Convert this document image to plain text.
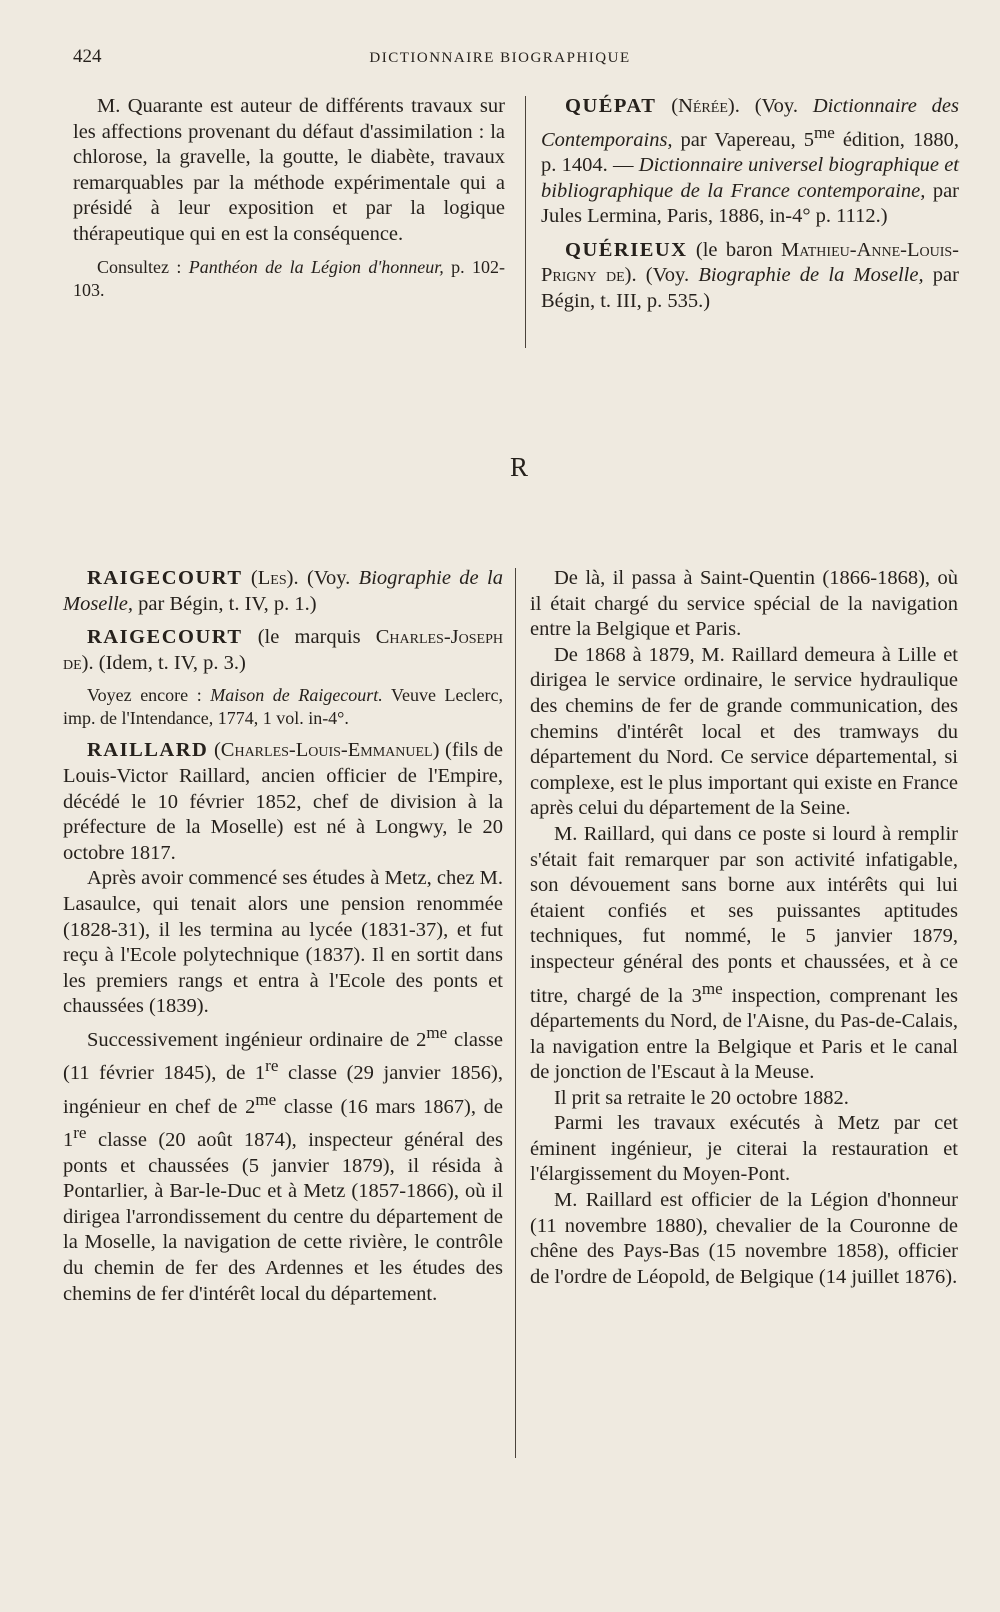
424	DICTIONNAIRE BIOGRAPHIQUE

M. Quarante est auteur de différents travaux sur les affections provenant du défaut d'assimilation : la chlorose, la gravelle, la goutte, le diabète, travaux remarquables par la méthode expérimentale qui a présidé à leur exposition et par la logique thérapeutique qui en est la conséquence.

Consultez : Panthéon de la Légion d'honneur, p. 102-103.

QUÉPAT (Nérée). (Voy. Dictionnaire des Contemporains, par Vapereau, $5^{me}$ édition, 1880, p. 1404. — Dictionnaire universel biographique et bibliographique de la France contemporaine, par Jules Lermina, Paris, 1886, in-4° p. 1112.)

QUÉRIEUX (le baron Mathieu-Anne-Louis-Prigny de). (Voy. Biographie de la Moselle, par Bégin, t. III, p. 535.)

R

RAIGECOURT (Les). (Voy. Biographie de la Moselle, par Bégin, t. IV, p. 1.)

RAIGECOURT (le marquis Charles-Joseph de). (Idem, t. IV, p. 3.)

Voyez encore : Maison de Raigecourt. Veuve Leclerc, imp. de l'Intendance, 1774, 1 vol. in-4°.

RAILLARD (Charles-Louis-Emmanuel) (fils de Louis-Victor Raillard, ancien officier de l'Empire, décédé le 10 février 1852, chef de division à la préfecture de la Moselle) est né à Longwy, le 20 octobre 1817.

Après avoir commencé ses études à Metz, chez M. Lasaulce, qui tenait alors une pension renommée (1828-31), il les termina au lycée (1831-37), et fut reçu à l'Ecole polytechnique (1837). Il en sortit dans les premiers rangs et entra à l'Ecole des ponts et chaussées (1839).

Successivement ingénieur ordinaire de $2^{me}$ classe (11 février 1845), de 1re classe (29 janvier 1856), ingénieur en chef de $2^{me}$ classe (16 mars 1867), de 1re classe (20 août 1874), inspecteur général des ponts et chaussées (5 janvier 1879), il résida à Pontarlier, à Bar-le-Duc et à Metz (1857-1866), où il dirigea l'arrondissement du centre du département de la Moselle, la navigation de cette rivière, le contrôle du chemin de fer des Ardennes et les études des chemins de fer d'intérêt local du département.

De là, il passa à Saint-Quentin (1866-1868), où il était chargé du service spécial de la navigation entre la Belgique et Paris.

De 1868 à 1879, M. Raillard demeura à Lille et dirigea le service ordinaire, le service hydraulique des chemins de fer de grande communication, des chemins d'intérêt local et des tramways du département du Nord. Ce service départemental, si complexe, est le plus important qui existe en France après celui du département de la Seine.

M. Raillard, qui dans ce poste si lourd à remplir s'était fait remarquer par son activité infatigable, son dévouement sans borne aux intérêts qui lui étaient confiés et ses puissantes aptitudes techniques, fut nommé, le 5 janvier 1879, inspecteur général des ponts et chaussées, et à ce titre, chargé de la $3^{me}$ inspection, comprenant les départements du Nord, de l'Aisne, du Pas-de-Calais, la navigation entre la Belgique et Paris et le canal de jonction de l'Escaut à la Meuse.

Il prit sa retraite le 20 octobre 1882.

Parmi les travaux exécutés à Metz par cet éminent ingénieur, je citerai la restauration et l'élargissement du Moyen-Pont.

M. Raillard est officier de la Légion d'honneur (11 novembre 1880), chevalier de la Couronne de chêne des Pays-Bas (15 novembre 1858), officier de l'ordre de Léopold, de Belgique (14 juillet 1876).
